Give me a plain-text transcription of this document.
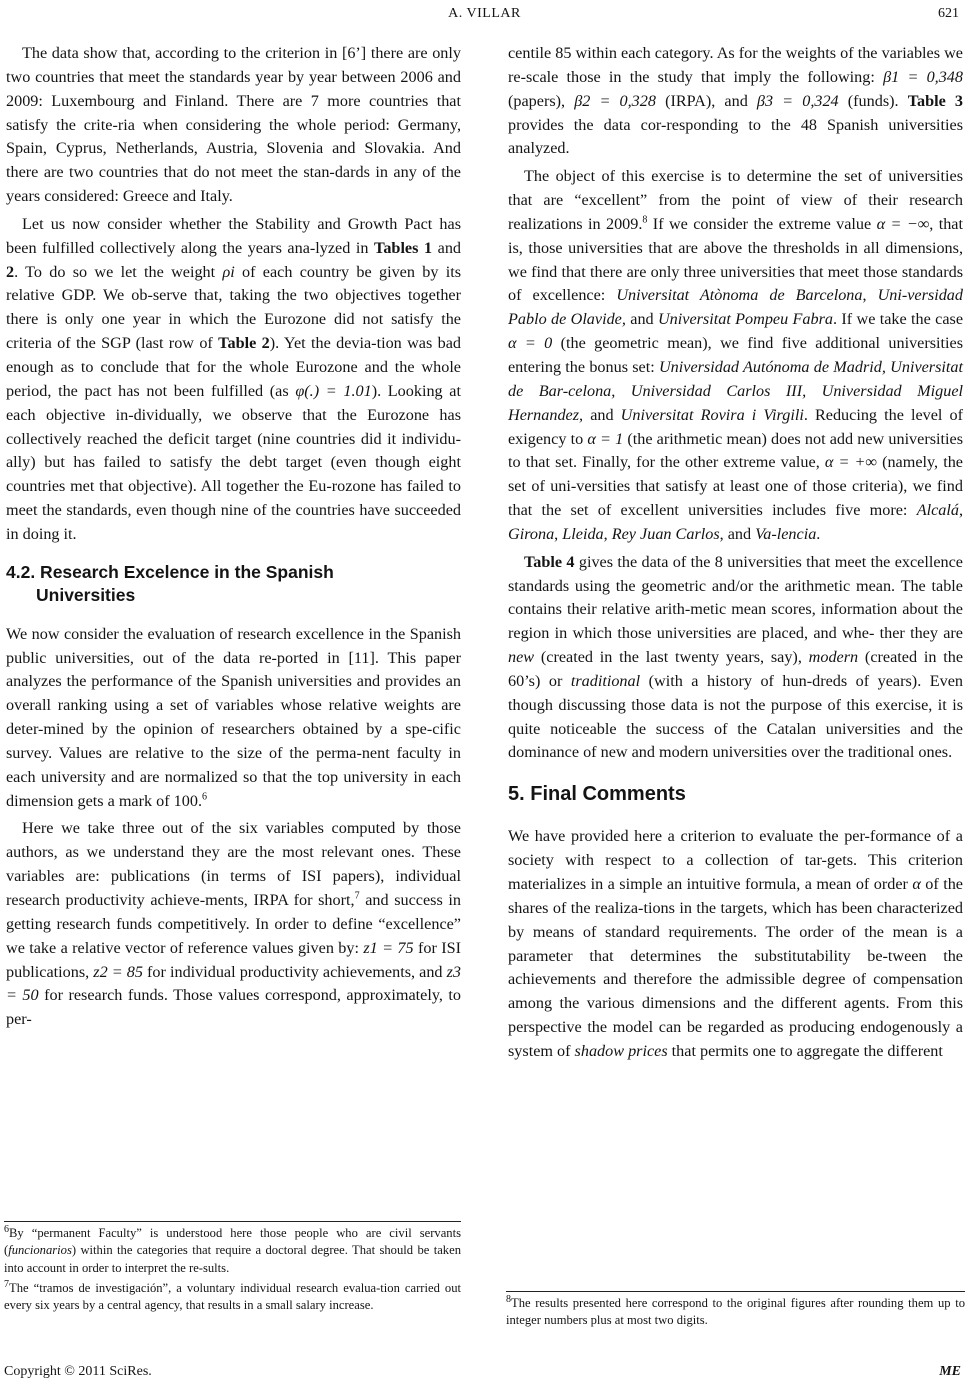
A. VILLAR	621

The data show that, according to the criterion in [6’] there are only two countries that meet the standards year by year between 2006 and 2009: Luxembourg and Finland. There are 7 more countries that satisfy the crite-ria when considering the whole period: Germany, Spain, Cyprus, Netherlands, Austria, Slovenia and Slovakia. And there are two countries that do not meet the stan-dards in any of the years considered: Greece and Italy.

Let us now consider whether the Stability and Growth Pact has been fulfilled collectively along the years ana-lyzed in Tables 1 and 2. To do so we let the weight ρi of each country be given by its relative GDP. We ob-serve that, taking the two objectives together there is only one year in which the Eurozone did not satisfy the criteria of the SGP (last row of Table 2). Yet the devia-tion was bad enough as to conclude that for the whole Eurozone and the whole period, the pact has not been fulfilled (as φ(.) = 1.01). Looking at each objective in-dividually, we observe that the Eurozone has collectively reached the deficit target (nine countries did it individu-ally) but has failed to satisfy the debt target (even though eight countries met that objective). All together the Eu-rozone has failed to meet the standards, even though nine of the countries have succeeded in doing it.

4.2. Research Excelence in the Spanish
Universities

We now consider the evaluation of research excellence in the Spanish public universities, out of the data re-ported in [11]. This paper analyzes the performance of the Spanish universities and provides an overall ranking using a set of variables whose relative weights are deter-mined by the opinion of researchers obtained by a spe-cific survey. Values are relative to the size of the perma-nent faculty in each university and are normalized so that the top university in each dimension gets a mark of 100.$^6$

Here we take three out of the six variables computed by those authors, as we understand they are the most relevant ones. These variables are: publications (in terms of ISI papers), individual research productivity achieve-ments, IRPA for short,$^7$ and success in getting research funds competitively. In order to define “excellence” we take a relative vector of reference values given by: z1 = 75 for ISI publications, z2 = 85 for individual productivity achievements, and z3 = 50 for research funds. Those values correspond, approximately, to per-

$^6$By “permanent Faculty” is understood here those people who are civil servants (funcionarios) within the categories that require a doctoral degree. That should be taken into account in order to interpret the re-sults.

$^7$The “tramos de investigación”, a voluntary individual research evalua-tion carried out every six years by a central agency, that results in a small salary increase.

centile 85 within each category. As for the weights of the variables we re-scale those in the study that imply the following: β1 = 0,348 (papers), β2 = 0,328 (IRPA), and β3 = 0,324 (funds). Table 3 provides the data cor-responding to the 48 Spanish universities analyzed.

The object of this exercise is to determine the set of universities that are “excellent” from the point of view of their research realizations in 2009.$^8$ If we consider the extreme value α = −∞, that is, those universities that are above the thresholds in all dimensions, we find that there are only three universities that meet those standards of excellence: Universitat Atònoma de Barcelona, Uni-versidad Pablo de Olavide, and Universitat Pompeu Fabra. If we take the case α = 0 (the geometric mean), we find five additional universities entering the bonus set: Universidad Autónoma de Madrid, Universitat de Bar-celona, Universidad Carlos III, Universidad Miguel Hernandez, and Universitat Rovira i Virgili. Reducing the level of exigency to α = 1 (the arithmetic mean) does not add new universities to that set. Finally, for the other extreme value, α = +∞ (namely, the set of uni-versities that satisfy at least one of those criteria), we find that the set of excellent universities includes five more: Alcalá, Girona, Lleida, Rey Juan Carlos, and Va-lencia.

Table 4 gives the data of the 8 universities that meet the excellence standards using the geometric and/or the arithmetic mean. The table contains their relative arith-metic mean scores, information about the region in which those universities are placed, and whe- ther they are new (created in the last twenty years, say), modern (created in the 60’s) or traditional (with a history of hun-dreds of years). Even though discussing those data is not the purpose of this exercise, it is quite noticeable the success of the Catalan universities and the dominance of new and modern universities over the traditional ones.

5. Final Comments

We have provided here a criterion to evaluate the per-formance of a society with respect to a collection of tar-gets. This criterion materializes in a simple an intuitive formula, a mean of order α of the shares of the realiza-tions in the targets, which has been characterized by means of standard requirements. The order of the mean is a parameter that determines the substitutability be-tween the achievements and therefore the admissible degree of compensation among the various dimensions and the different agents. From this perspective the model can be regarded as producing endogenously a system of shadow prices that permits one to aggregate the different

$^8$The results presented here correspond to the original figures after rounding them up to integer numbers plus at most two digits.

Copyright © 2011 SciRes.	ME
